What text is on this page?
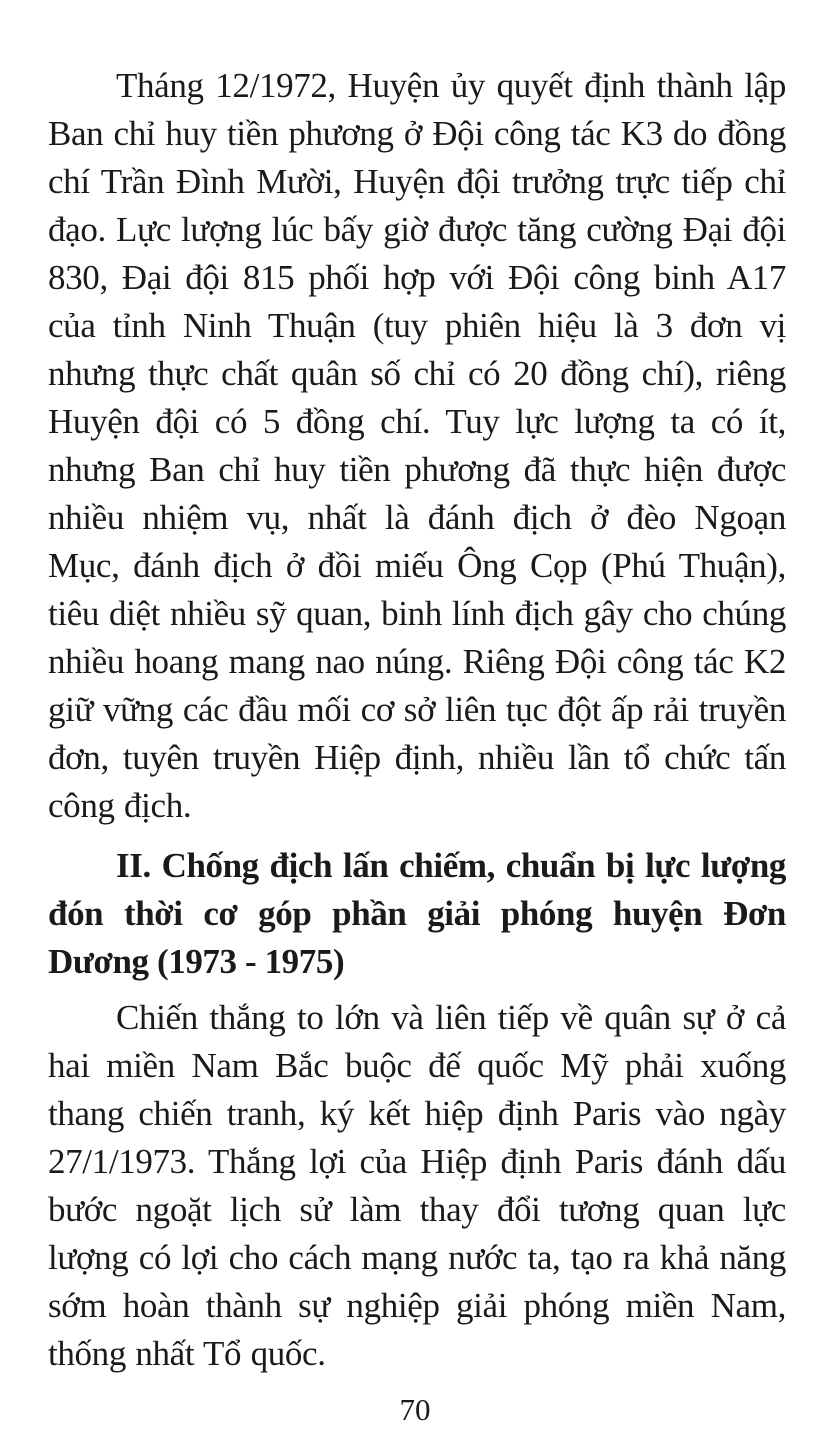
Tháng 12/1972, Huyện ủy quyết định thành lập Ban chỉ huy tiền phương ở Đội công tác K3 do đồng chí Trần Đình Mười, Huyện đội trưởng trực tiếp chỉ đạo. Lực lượng lúc bấy giờ được tăng cường Đại đội 830, Đại đội 815 phối hợp với Đội công binh A17 của tỉnh Ninh Thuận (tuy phiên hiệu là 3 đơn vị nhưng thực chất quân số chỉ có 20 đồng chí), riêng Huyện đội có 5 đồng chí. Tuy lực lượng ta có ít, nhưng Ban chỉ huy tiền phương đã thực hiện được nhiều nhiệm vụ, nhất là đánh địch ở đèo Ngoạn Mục, đánh địch ở đồi miếu Ông Cọp (Phú Thuận), tiêu diệt nhiều sỹ quan, binh lính địch gây cho chúng nhiều hoang mang nao núng. Riêng Đội công tác K2 giữ vững các đầu mối cơ sở liên tục đột ấp rải truyền đơn, tuyên truyền Hiệp định, nhiều lần tổ chức tấn công địch.

II. Chống địch lấn chiếm, chuẩn bị lực lượng đón thời cơ góp phần giải phóng huyện Đơn Dương (1973 - 1975)

Chiến thắng to lớn và liên tiếp về quân sự ở cả hai miền Nam Bắc buộc đế quốc Mỹ phải xuống thang chiến tranh, ký kết hiệp định Paris vào ngày 27/1/1973. Thắng lợi của Hiệp định Paris đánh dấu bước ngoặt lịch sử làm thay đổi tương quan lực lượng có lợi cho cách mạng nước ta, tạo ra khả năng sớm hoàn thành sự nghiệp giải phóng miền Nam, thống nhất Tổ quốc.

70
